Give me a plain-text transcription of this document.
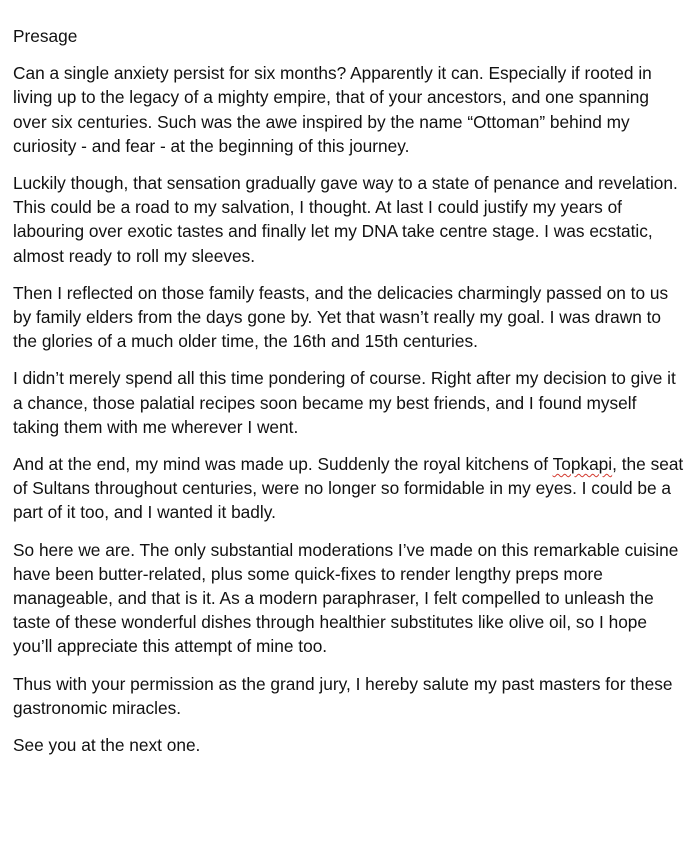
Presage

Can a single anxiety persist for six months? Apparently it can. Especially if rooted in living up to the legacy of a mighty empire, that of your ancestors, and one spanning over six centuries. Such was the awe inspired by the name “Ottoman” behind my curiosity - and fear - at the beginning of this journey.

Luckily though, that sensation gradually gave way to a state of penance and revelation. This could be a road to my salvation, I thought. At last I could justify my years of labouring over exotic tastes and finally let my DNA take centre stage. I was ecstatic, almost ready to roll my sleeves.

Then I reflected on those family feasts, and the delicacies charmingly passed on to us by family elders from the days gone by. Yet that wasn’t really my goal. I was drawn to the glories of a much older time, the 16th and 15th centuries.

I didn’t merely spend all this time pondering of course. Right after my decision to give it a chance, those palatial recipes soon became my best friends, and I found myself taking them with me wherever I went.

And at the end, my mind was made up. Suddenly the royal kitchens of Topkapi, the seat of Sultans throughout centuries, were no longer so formidable in my eyes. I could be a part of it too, and I wanted it badly.

So here we are. The only substantial moderations I’ve made on this remarkable cuisine have been butter-related, plus some quick-fixes to render lengthy preps more manageable, and that is it. As a modern paraphraser, I felt compelled to unleash the taste of these wonderful dishes through healthier substitutes like olive oil, so I hope you’ll appreciate this attempt of mine too.

Thus with your permission as the grand jury, I hereby salute my past masters for these gastronomic miracles.

See you at the next one.
